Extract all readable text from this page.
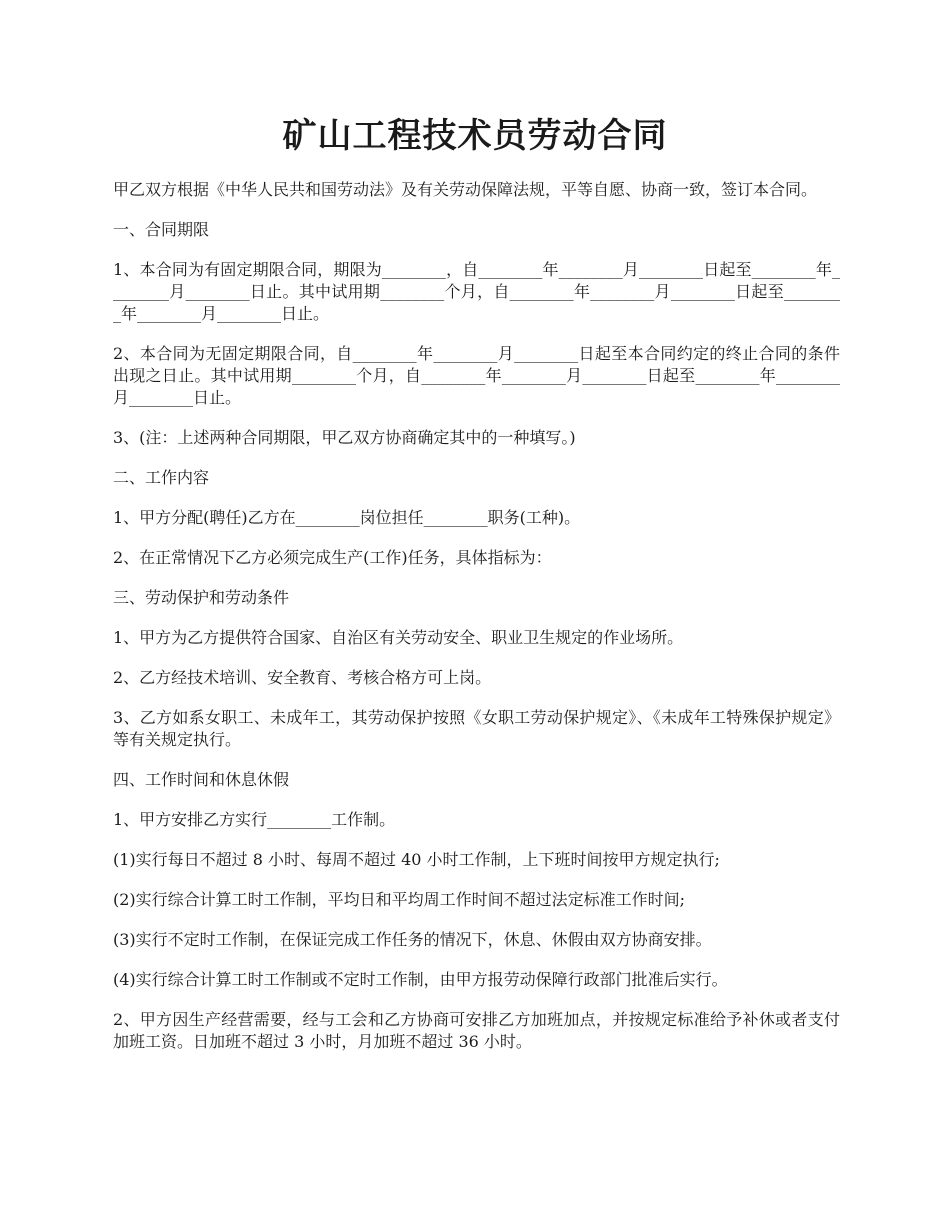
矿山工程技术员劳动合同

甲乙双方根据《中华人民共和国劳动法》及有关劳动保障法规，平等自愿、协商一致，签订本合同。

一、合同期限

1、本合同为有固定期限合同，期限为________，自________年________月________日起至________年________月________日止。其中试用期________个月，自________年________月________日起至________年________月________日止。

2、本合同为无固定期限合同，自________年________月________日起至本合同约定的终止合同的条件出现之日止。其中试用期________个月，自________年________月________日起至________年________月________日止。

3、(注：上述两种合同期限，甲乙双方协商确定其中的一种填写。)

二、工作内容

1、甲方分配(聘任)乙方在________岗位担任________职务(工种)。

2、在正常情况下乙方必须完成生产(工作)任务，具体指标为：

三、劳动保护和劳动条件

1、甲方为乙方提供符合国家、自治区有关劳动安全、职业卫生规定的作业场所。

2、乙方经技术培训、安全教育、考核合格方可上岗。

3、乙方如系女职工、未成年工，其劳动保护按照《女职工劳动保护规定》、《未成年工特殊保护规定》等有关规定执行。

四、工作时间和休息休假

1、甲方安排乙方实行________工作制。

(1)实行每日不超过 8 小时、每周不超过 40 小时工作制，上下班时间按甲方规定执行;

(2)实行综合计算工时工作制，平均日和平均周工作时间不超过法定标准工作时间;

(3)实行不定时工作制，在保证完成工作任务的情况下，休息、休假由双方协商安排。

(4)实行综合计算工时工作制或不定时工作制，由甲方报劳动保障行政部门批准后实行。

2、甲方因生产经营需要，经与工会和乙方协商可安排乙方加班加点，并按规定标准给予补休或者支付加班工资。日加班不超过 3 小时，月加班不超过 36 小时。
